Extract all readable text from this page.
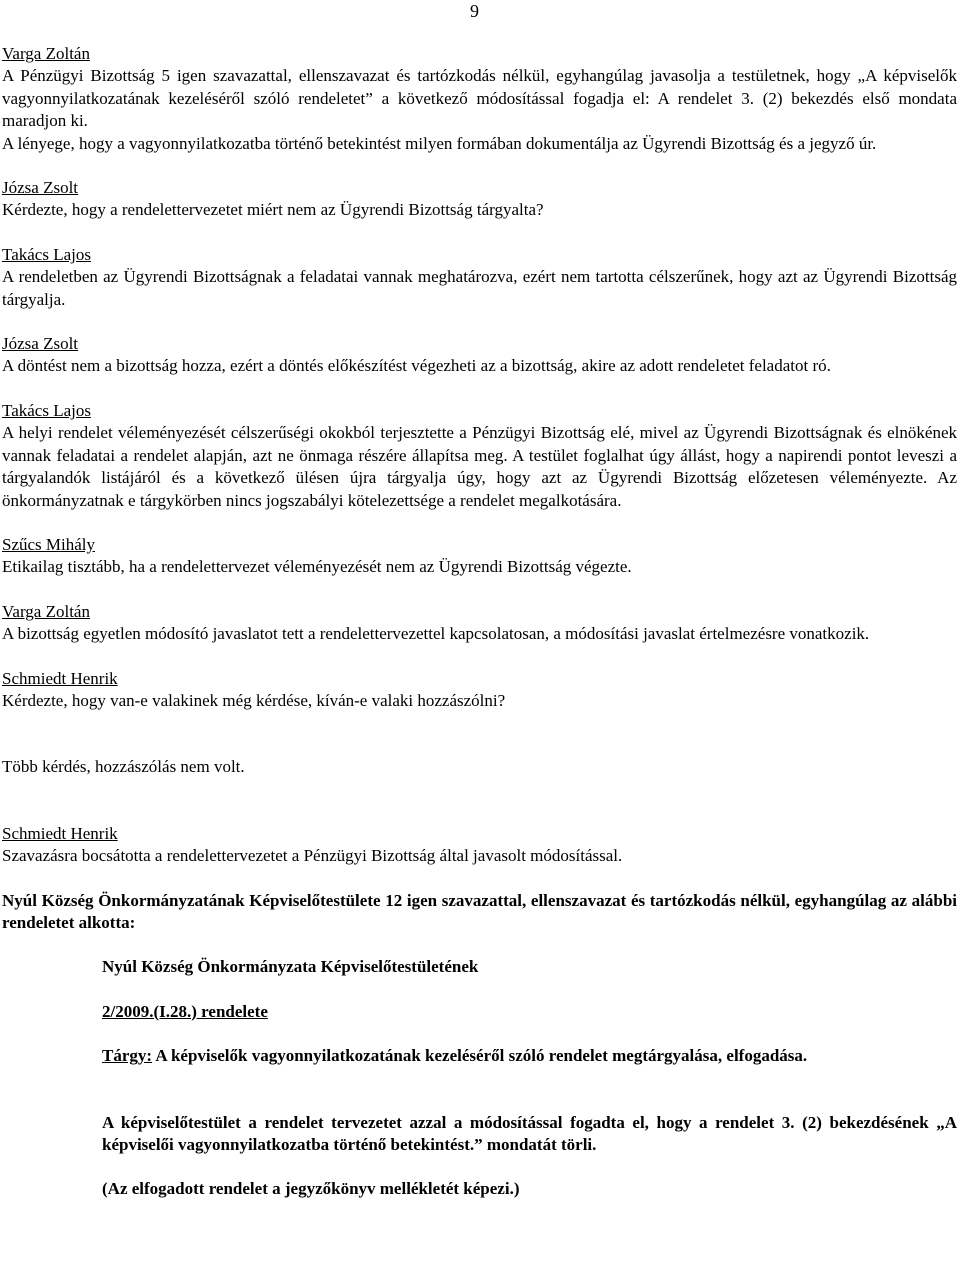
9
Varga Zoltán

A Pénzügyi Bizottság 5 igen szavazattal, ellenszavazat és tartózkodás nélkül, egyhangúlag javasolja a testületnek, hogy „A képviselők vagyonnyilatkozatának kezeléséről szóló rendeletet” a következő módosítással fogadja el: A rendelet 3. (2) bekezdés első mondata maradjon ki.

A lényege, hogy a vagyonnyilatkozatba történő betekintést milyen formában dokumentálja az Ügyrendi Bizottság és a jegyző úr.

Józsa Zsolt

Kérdezte, hogy a rendelettervezetet miért nem az Ügyrendi Bizottság tárgyalta?

Takács Lajos

A rendeletben az Ügyrendi Bizottságnak a feladatai vannak meghatározva, ezért nem tartotta célszerűnek, hogy azt az Ügyrendi Bizottság tárgyalja.

Józsa Zsolt

A döntést nem a bizottság hozza, ezért a döntés előkészítést végezheti az a bizottság, akire az adott rendeletet feladatot ró.

Takács Lajos

A helyi rendelet véleményezését célszerűségi okokból terjesztette a Pénzügyi Bizottság elé, mivel az Ügyrendi Bizottságnak és elnökének vannak feladatai a rendelet alapján, azt ne önmaga részére állapítsa meg. A testület foglalhat úgy állást, hogy a napirendi pontot leveszi a tárgyalandók listájáról és a következő ülésen újra tárgyalja úgy, hogy azt az Ügyrendi Bizottság előzetesen véleményezte. Az önkormányzatnak e tárgykörben nincs jogszabályi kötelezettsége a rendelet megalkotására.

Szűcs Mihály

Etikailag tisztább, ha a rendelettervezet véleményezését nem az Ügyrendi Bizottság végezte.

Varga Zoltán

A bizottság egyetlen módosító javaslatot tett a rendelettervezettel kapcsolatosan, a módosítási javaslat értelmezésre vonatkozik.

Schmiedt Henrik

Kérdezte, hogy van-e valakinek még kérdése, kíván-e valaki hozzászólni?

Több kérdés, hozzászólás nem volt.

Schmiedt Henrik

Szavazásra bocsátotta a rendelettervezetet a Pénzügyi Bizottság által javasolt módosítással.

Nyúl Község Önkormányzatának Képviselőtestülete 12 igen szavazattal, ellenszavazat és tartózkodás nélkül, egyhangúlag az alábbi rendeletet alkotta:

Nyúl Község Önkormányzata Képviselőtestületének

2/2009.(I.28.) rendelete

Tárgy: A képviselők vagyonnyilatkozatának kezeléséről szóló rendelet megtárgyalása, elfogadása.

A képviselőtestület a rendelet tervezetet azzal a módosítással fogadta el, hogy a rendelet 3. (2) bekezdésének „A képviselői vagyonnyilatkozatba történő betekintést.” mondatát törli.

(Az elfogadott rendelet a jegyzőkönyv mellékletét képezi.)
